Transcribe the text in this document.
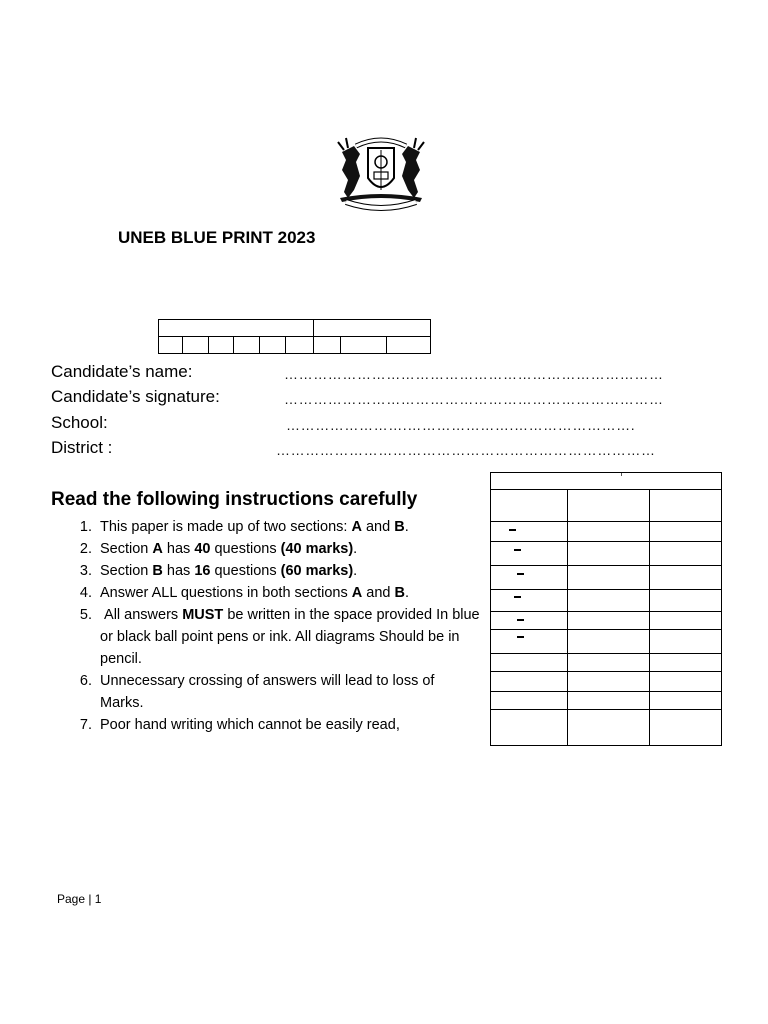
UNEB BLUE PRINT 2023

Candidate’s name:	……………………………………………………………………
Candidate’s signature:	……………………………………………………………………
School:	…………………….………………….…………………….
District :	……………………………………………………………………
Read the following instructions carefully
1. This paper is made up of two sections: A and B.
2. Section A has 40 questions (40 marks).
3. Section B has 16 questions (60 marks).
4. Answer ALL questions in both sections A and B.
5.  All answers MUST be written in the space provided In blue or black ball point pens or ink. All diagrams Should be in pencil.
6. Unnecessary crossing of answers will lead to loss of Marks.
7. Poor hand writing which cannot be easily read,
Page | 1
